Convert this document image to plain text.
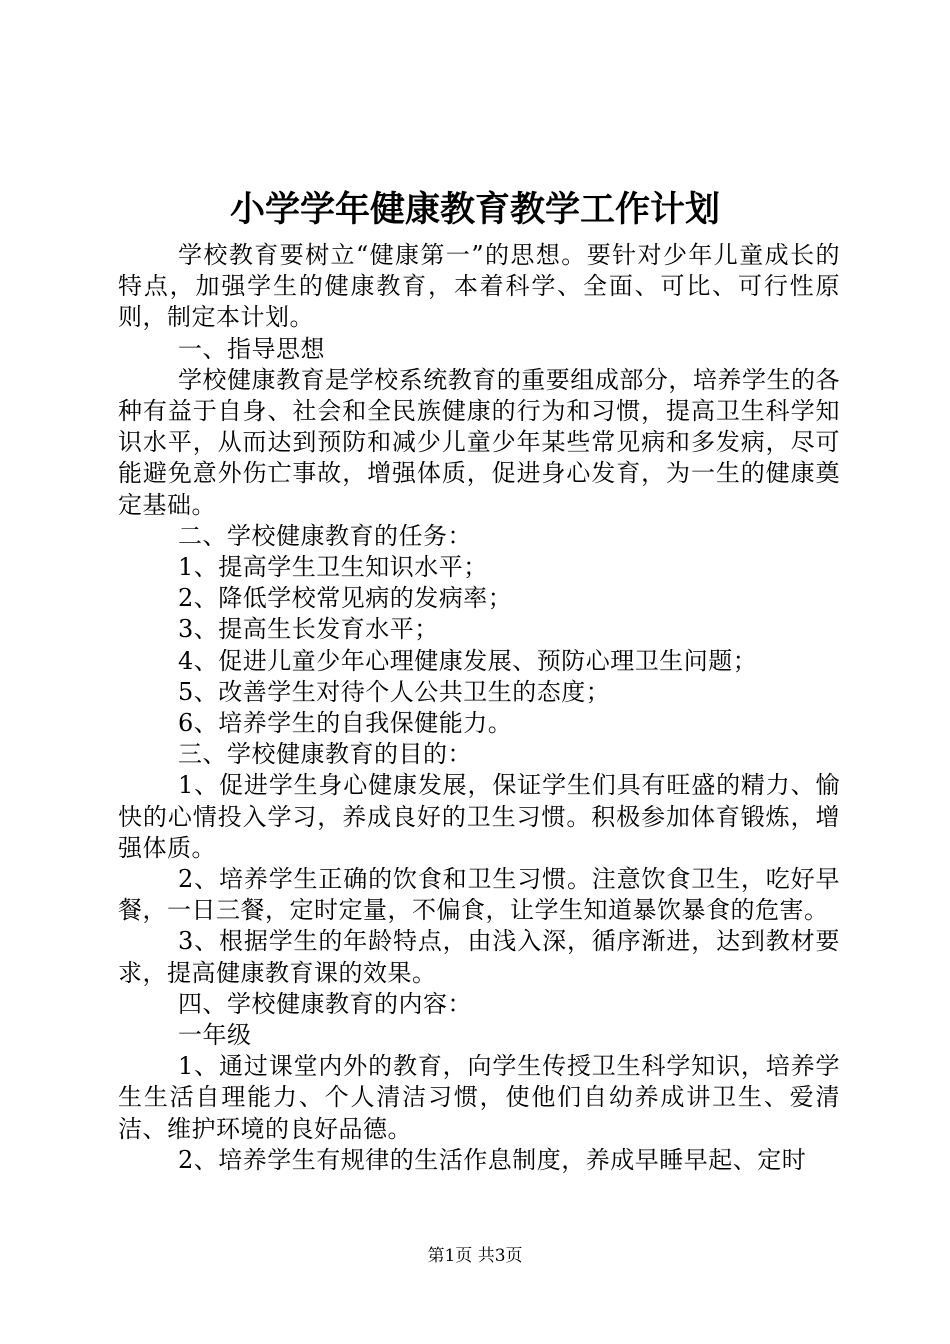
小学学年健康教育教学工作计划

学校教育要树立“健康第一”的思想。要针对少年儿童成长的特点，加强学生的健康教育，本着科学、全面、可比、可行性原则，制定本计划。

一、指导思想

学校健康教育是学校系统教育的重要组成部分，培养学生的各种有益于自身、社会和全民族健康的行为和习惯，提高卫生科学知识水平，从而达到预防和减少儿童少年某些常见病和多发病，尽可能避免意外伤亡事故，增强体质，促进身心发育，为一生的健康奠定基础。

二、学校健康教育的任务：

1、提高学生卫生知识水平；

2、降低学校常见病的发病率；

3、提高生长发育水平；

4、促进儿童少年心理健康发展、预防心理卫生问题；

5、改善学生对待个人公共卫生的态度；

6、培养学生的自我保健能力。

三、学校健康教育的目的：

1、促进学生身心健康发展，保证学生们具有旺盛的精力、愉快的心情投入学习，养成良好的卫生习惯。积极参加体育锻炼，增强体质。

2、培养学生正确的饮食和卫生习惯。注意饮食卫生，吃好早餐，一日三餐，定时定量，不偏食，让学生知道暴饮暴食的危害。

3、根据学生的年龄特点，由浅入深，循序渐进，达到教材要求，提高健康教育课的效果。

四、学校健康教育的内容：

一年级

1、通过课堂内外的教育，向学生传授卫生科学知识，培养学生生活自理能力、个人清洁习惯，使他们自幼养成讲卫生、爱清洁、维护环境的良好品德。

2、培养学生有规律的生活作息制度，养成早睡早起、定时

第1页 共3页
